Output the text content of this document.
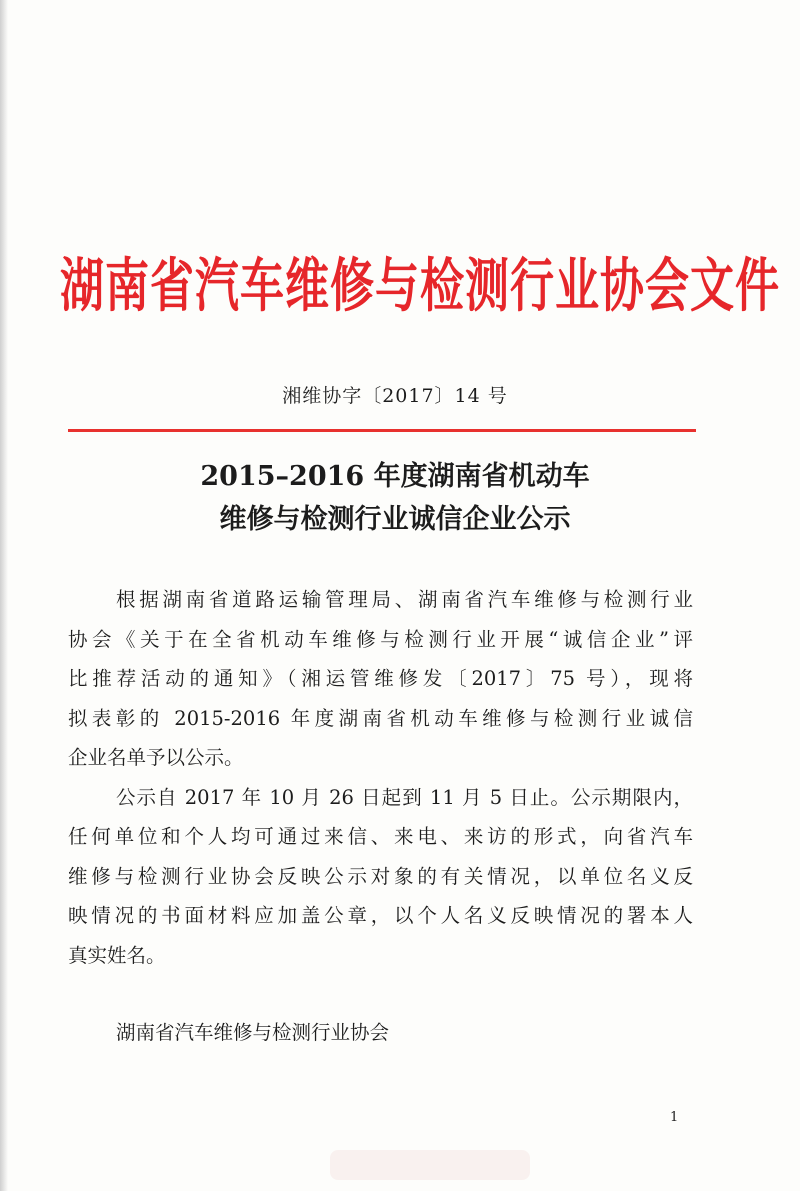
湖南省汽车维修与检测行业协会文件
湘维协字〔2017〕14 号
2015–2016 年度湖南省机动车
维修与检测行业诚信企业公示
根据湖南省道路运输管理局、湖南省汽车维修与检测行业
协会《关于在全省机动车维修与检测行业开展“诚信企业”评
比推荐活动的通知》（湘运管维修发〔2017〕75 号），现将
拟表彰的 2015-2016 年度湖南省机动车维修与检测行业诚信
企业名单予以公示。
公示自 2017 年 10 月 26 日起到 11 月 5 日止。公示期限内，
任何单位和个人均可通过来信、来电、来访的形式，向省汽车
维修与检测行业协会反映公示对象的有关情况，以单位名义反
映情况的书面材料应加盖公章，以个人名义反映情况的署本人
真实姓名。
湖南省汽车维修与检测行业协会
1
